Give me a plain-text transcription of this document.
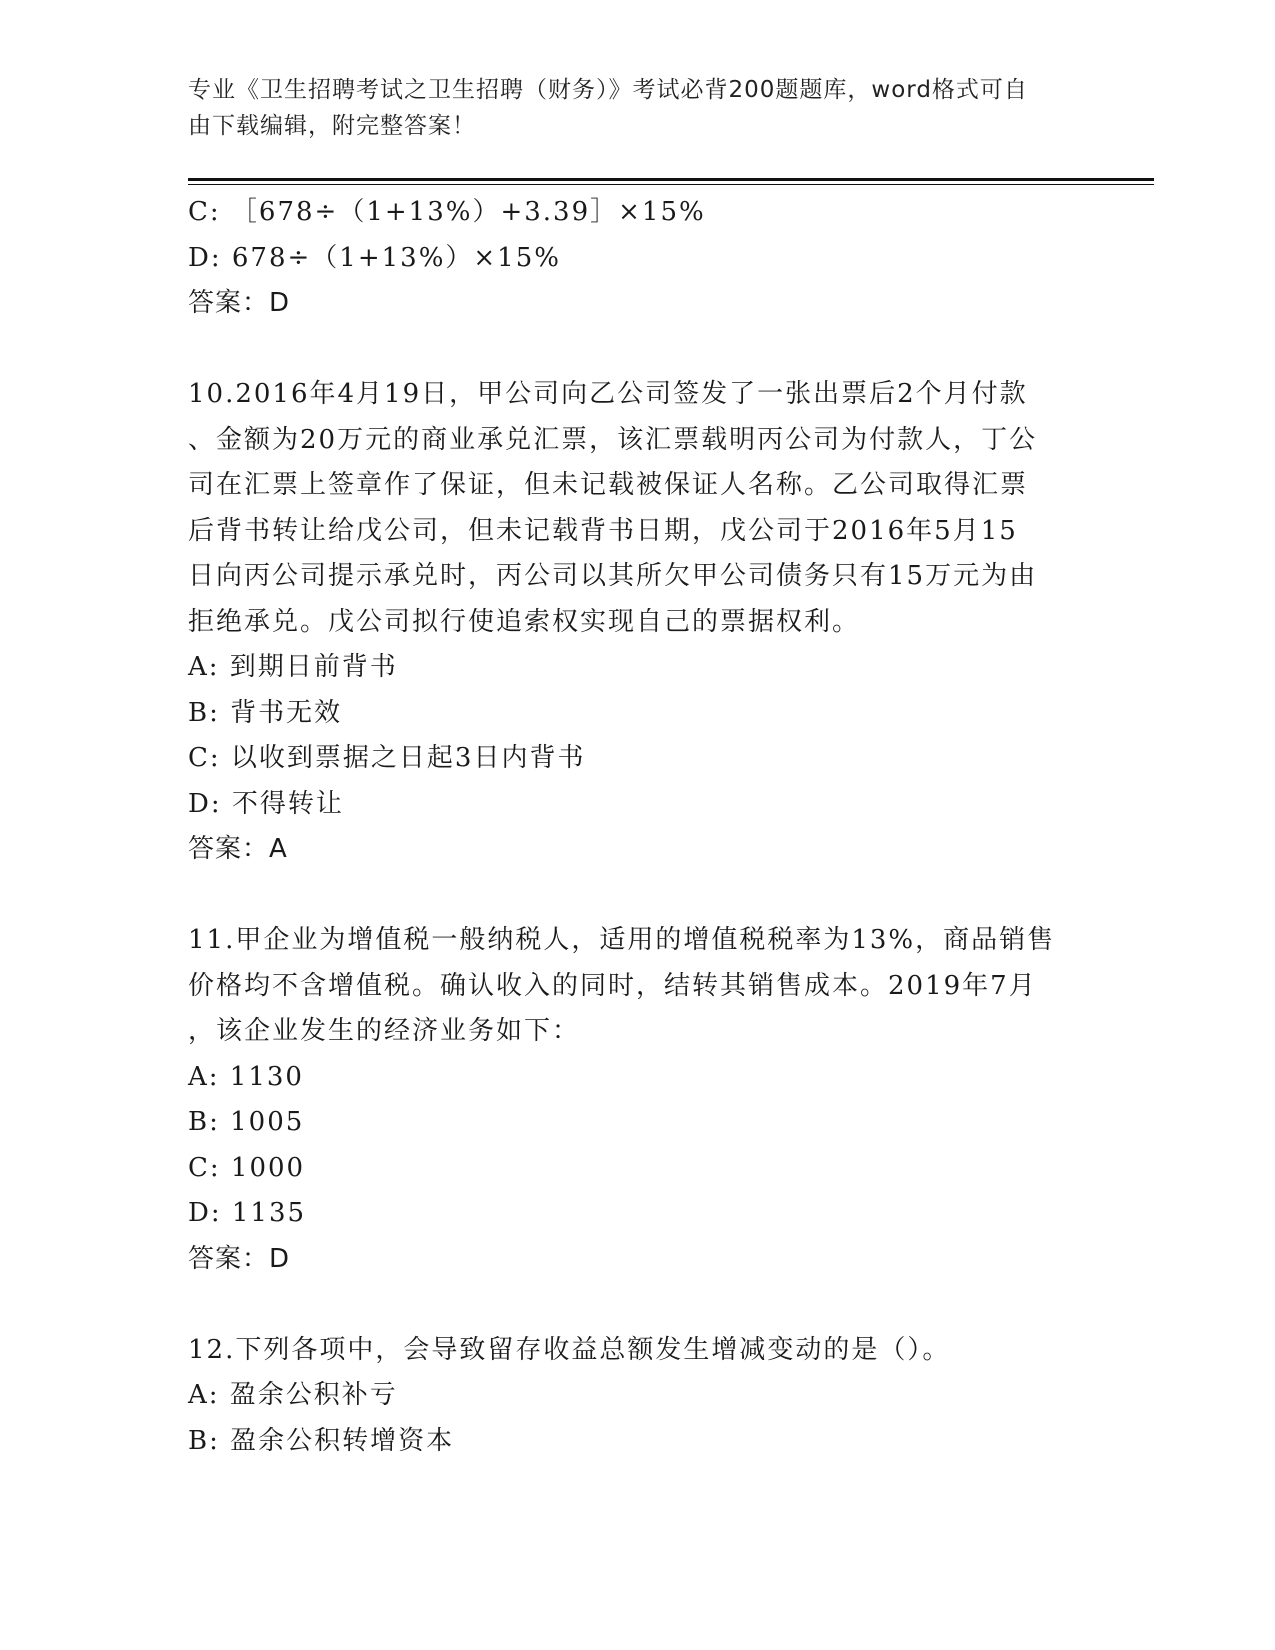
专业《卫生招聘考试之卫生招聘（财务）》考试必背200题题库，word格式可自
由下载编辑，附完整答案！

C: ［678÷（1+13%）+3.39］×15%

D: 678÷（1+13%）×15%

答案：D

10.2016年4月19日，甲公司向乙公司签发了一张出票后2个月付款

、金额为20万元的商业承兑汇票，该汇票载明丙公司为付款人，丁公

司在汇票上签章作了保证，但未记载被保证人名称。乙公司取得汇票

后背书转让给戊公司，但未记载背书日期，戊公司于2016年5月15

日向丙公司提示承兑时，丙公司以其所欠甲公司债务只有15万元为由

拒绝承兑。戊公司拟行使追索权实现自己的票据权利。

A: 到期日前背书

B: 背书无效

C: 以收到票据之日起3日内背书

D: 不得转让

答案：A

11.甲企业为增值税一般纳税人，适用的增值税税率为13%，商品销售

价格均不含增值税。确认收入的同时，结转其销售成本。2019年7月

，该企业发生的经济业务如下：

A: 1130

B: 1005

C: 1000

D: 1135

答案：D

12.下列各项中，会导致留存收益总额发生增减变动的是（）。

A: 盈余公积补亏

B: 盈余公积转增资本
